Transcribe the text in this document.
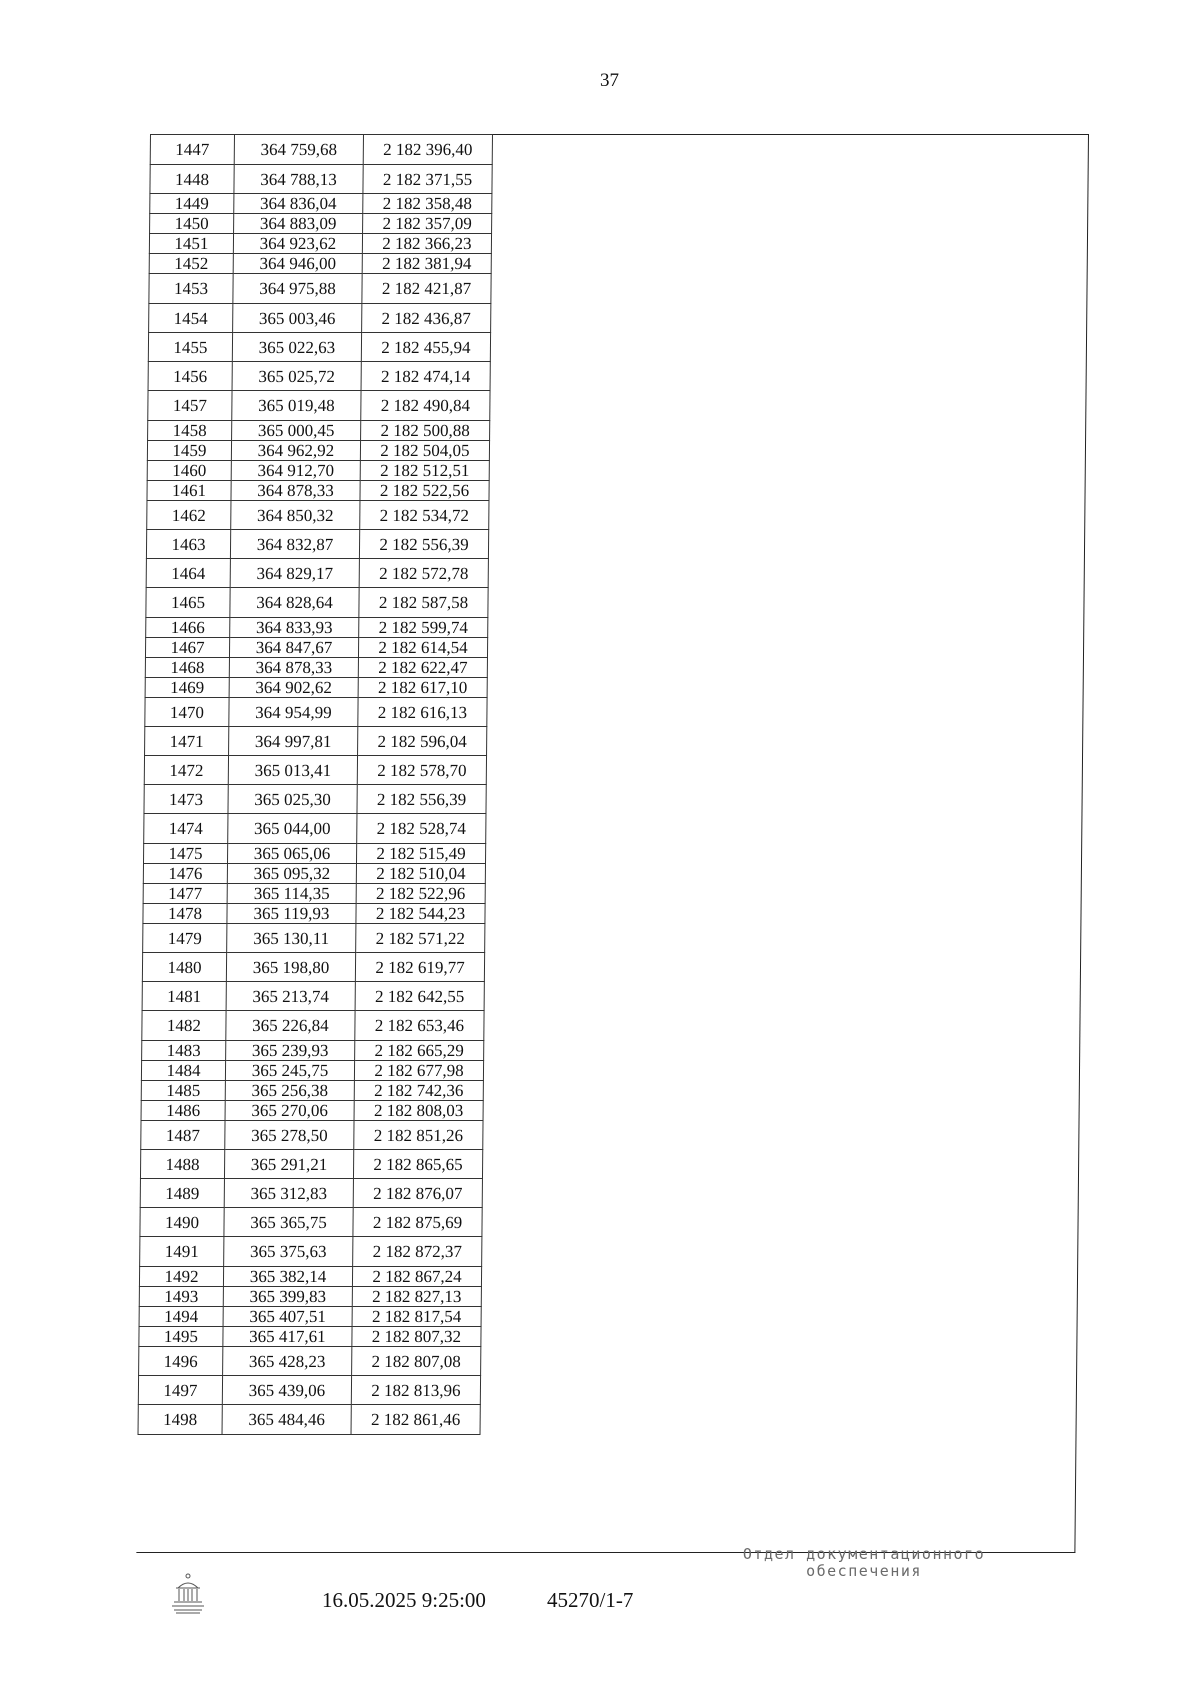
37
1447	364 759,68	2 182 396,40
1448	364 788,13	2 182 371,55
1449	364 836,04	2 182 358,48
1450	364 883,09	2 182 357,09
1451	364 923,62	2 182 366,23
1452	364 946,00	2 182 381,94
1453	364 975,88	2 182 421,87
1454	365 003,46	2 182 436,87
1455	365 022,63	2 182 455,94
1456	365 025,72	2 182 474,14
1457	365 019,48	2 182 490,84
1458	365 000,45	2 182 500,88
1459	364 962,92	2 182 504,05
1460	364 912,70	2 182 512,51
1461	364 878,33	2 182 522,56
1462	364 850,32	2 182 534,72
1463	364 832,87	2 182 556,39
1464	364 829,17	2 182 572,78
1465	364 828,64	2 182 587,58
1466	364 833,93	2 182 599,74
1467	364 847,67	2 182 614,54
1468	364 878,33	2 182 622,47
1469	364 902,62	2 182 617,10
1470	364 954,99	2 182 616,13
1471	364 997,81	2 182 596,04
1472	365 013,41	2 182 578,70
1473	365 025,30	2 182 556,39
1474	365 044,00	2 182 528,74
1475	365 065,06	2 182 515,49
1476	365 095,32	2 182 510,04
1477	365 114,35	2 182 522,96
1478	365 119,93	2 182 544,23
1479	365 130,11	2 182 571,22
1480	365 198,80	2 182 619,77
1481	365 213,74	2 182 642,55
1482	365 226,84	2 182 653,46
1483	365 239,93	2 182 665,29
1484	365 245,75	2 182 677,98
1485	365 256,38	2 182 742,36
1486	365 270,06	2 182 808,03
1487	365 278,50	2 182 851,26
1488	365 291,21	2 182 865,65
1489	365 312,83	2 182 876,07
1490	365 365,75	2 182 875,69
1491	365 375,63	2 182 872,37
1492	365 382,14	2 182 867,24
1493	365 399,83	2 182 827,13
1494	365 407,51	2 182 817,54
1495	365 417,61	2 182 807,32
1496	365 428,23	2 182 807,08
1497	365 439,06	2 182 813,96
1498	365 484,46	2 182 861,46
16.05.2025 9:25:00	45270/1-7
Отдел документационного
обеспечения
